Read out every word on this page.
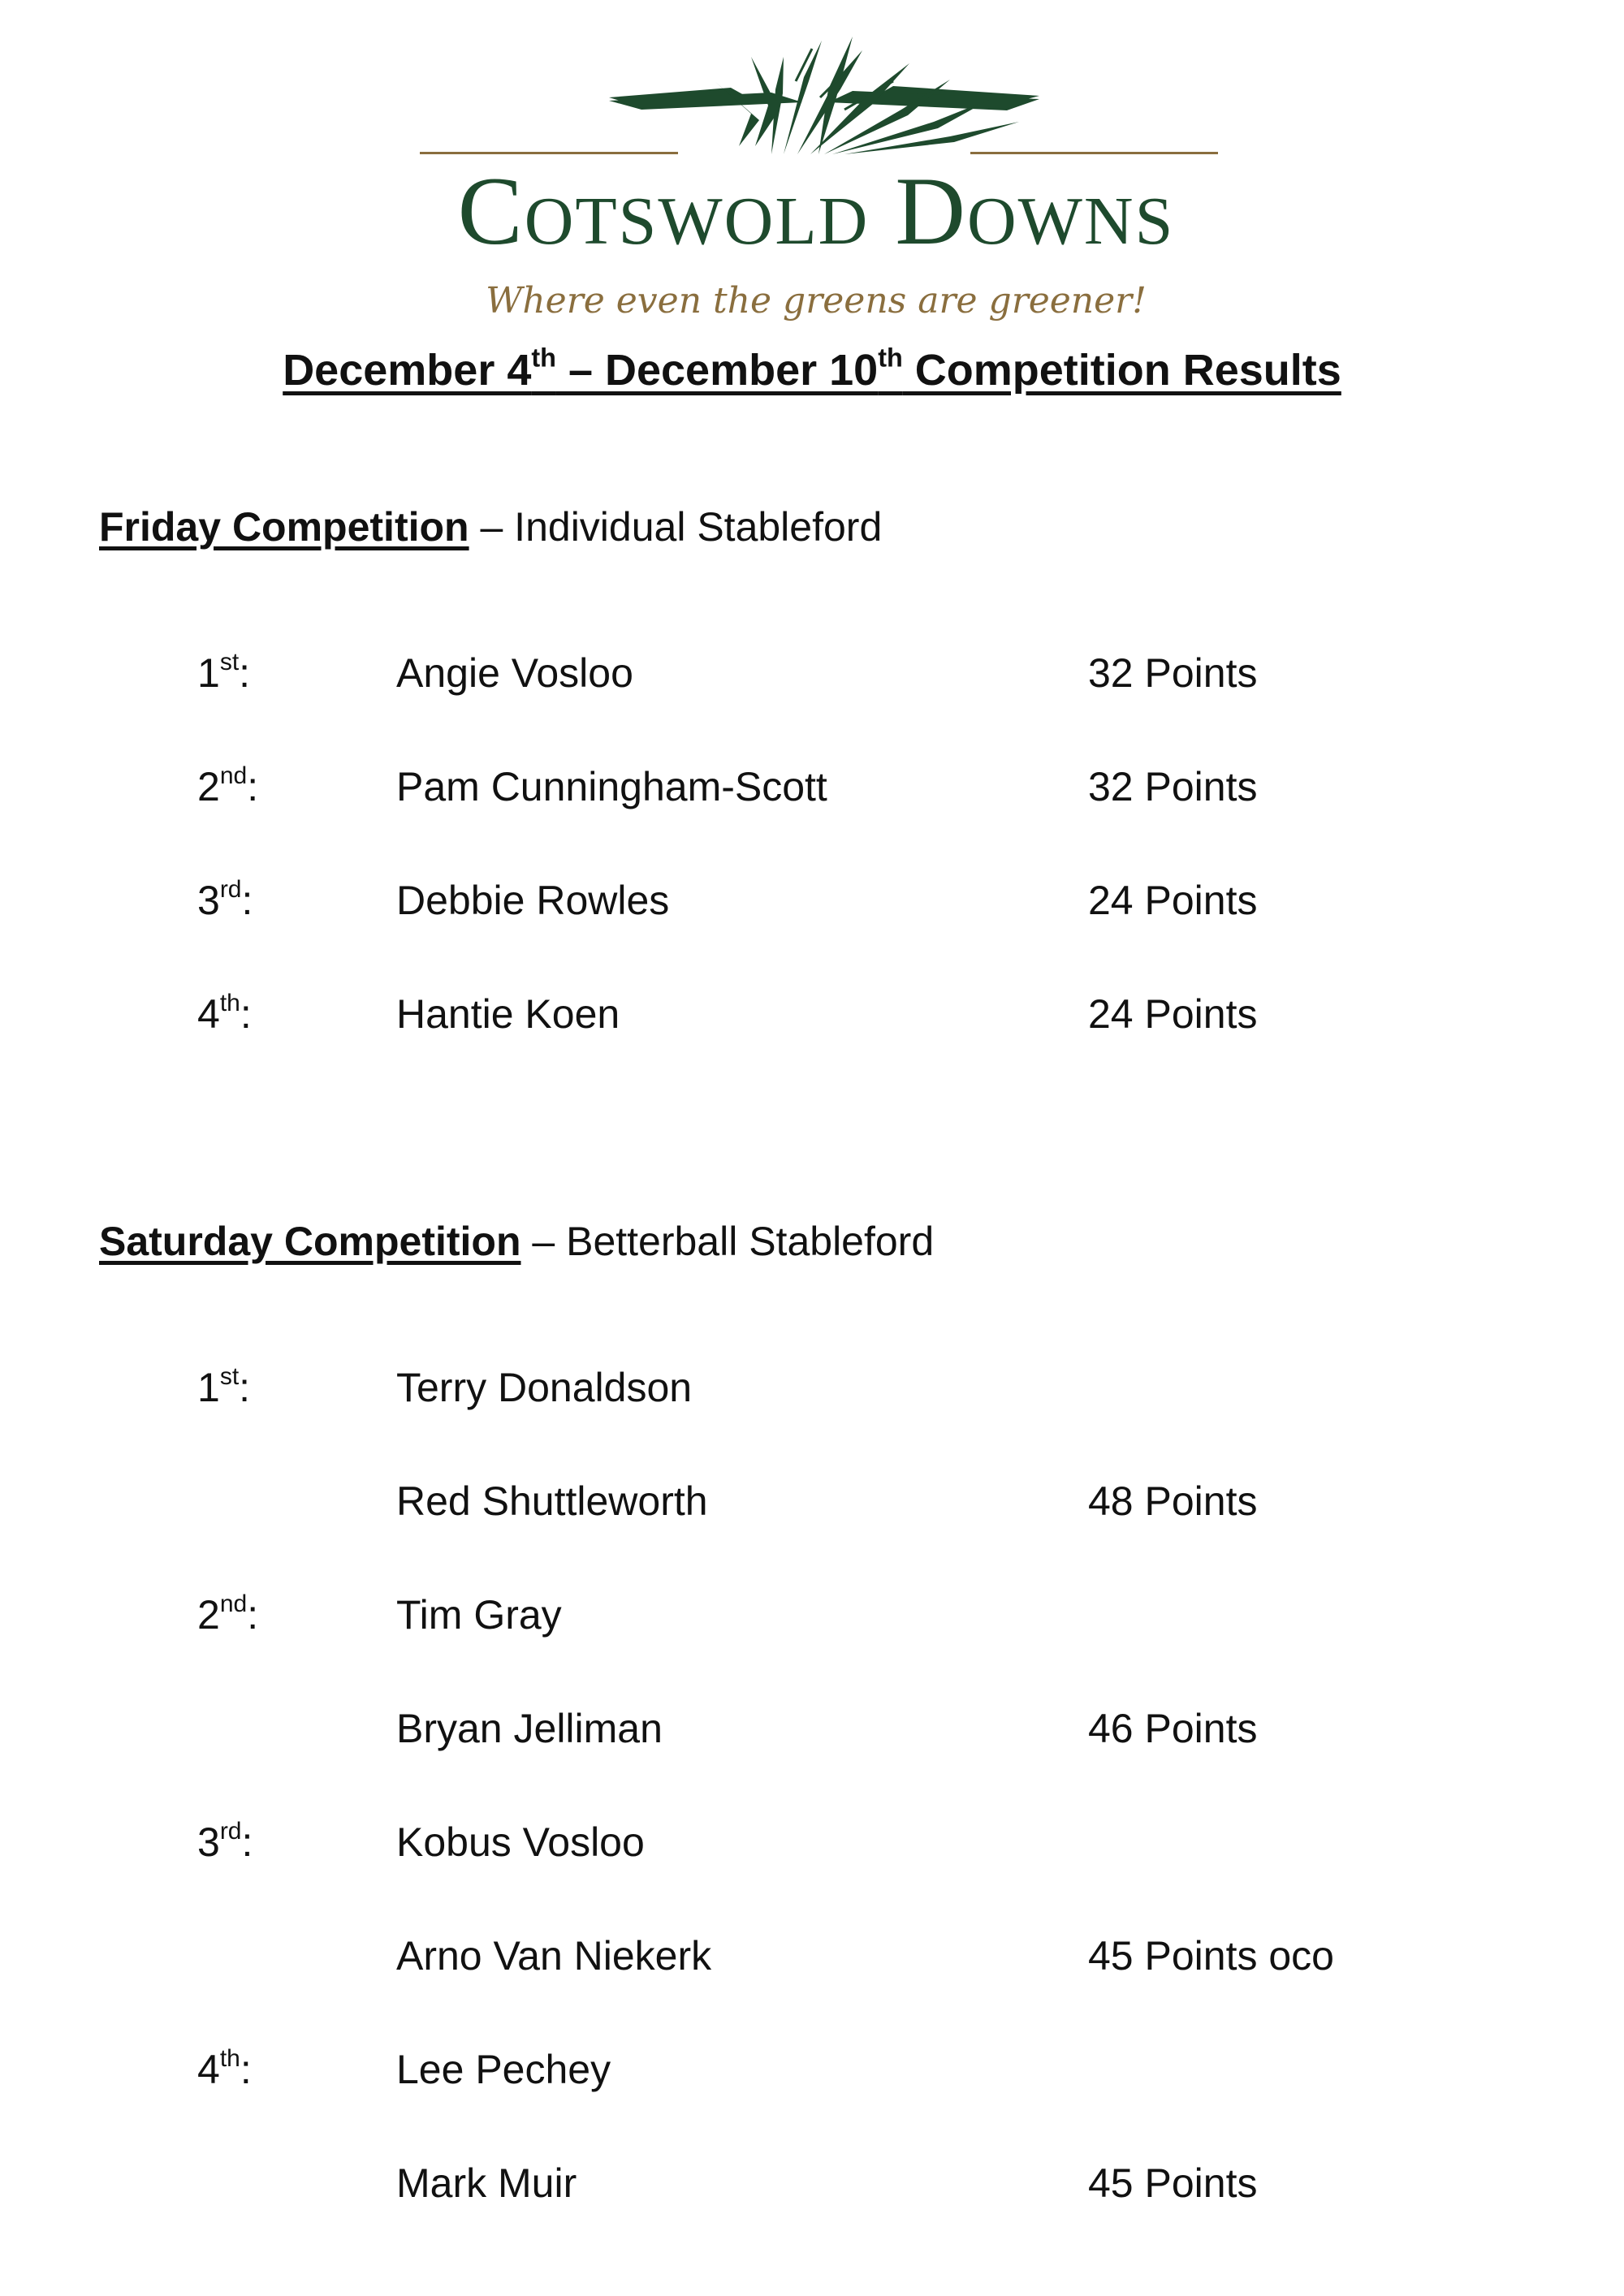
Cotswold Downs
Where even the greens are greener!
December 4th – December 10th Competition Results
Friday Competition – Individual Stableford
1st:	Angie Vosloo	32 Points
2nd:	Pam Cunningham-Scott	32 Points
3rd:	Debbie Rowles	24 Points
4th:	Hantie Koen	24 Points
Saturday Competition – Betterball Stableford
1st:	Terry Donaldson
Red Shuttleworth	48 Points
2nd:	Tim Gray
Bryan Jelliman	46 Points
3rd:	Kobus Vosloo
Arno Van Niekerk	45 Points oco
4th:	Lee Pechey
Mark Muir	45 Points
